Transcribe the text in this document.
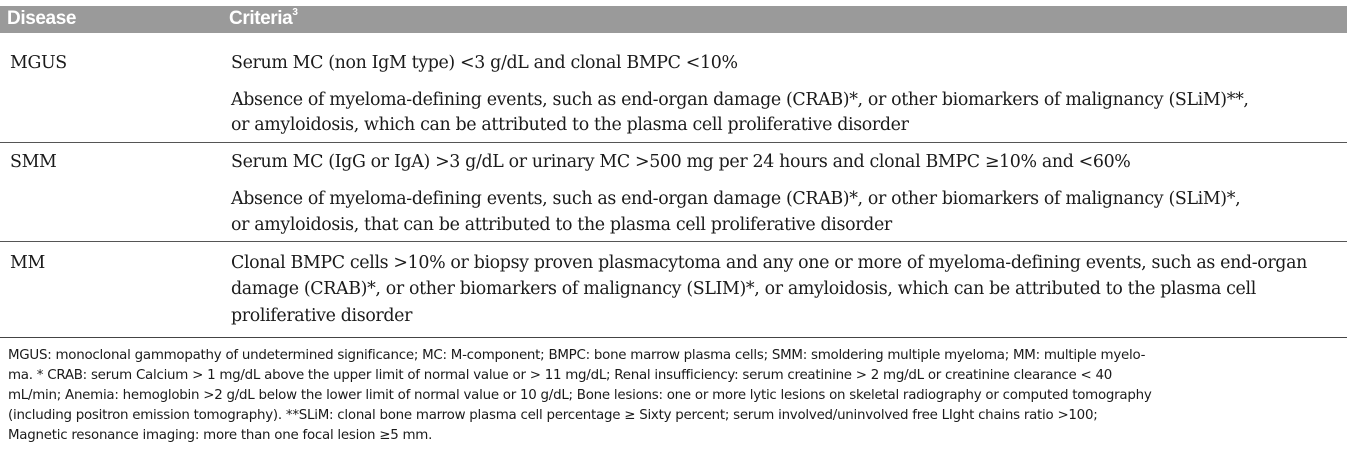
Disease	Criteria$^3$
MGUS	Serum MC (non IgM type) <3 g/dL and clonal BMPC <10%
Absence of myeloma-defining events, such as end-organ damage (CRAB)*, or other biomarkers of malignancy (SLiM)**,
or amyloidosis, which can be attributed to the plasma cell proliferative disorder
SMM	Serum MC (IgG or IgA) >3 g/dL or urinary MC >500 mg per 24 hours and clonal BMPC ≥10% and <60%
Absence of myeloma-defining events, such as end-organ damage (CRAB)*, or other biomarkers of malignancy (SLiM)*,
or amyloidosis, that can be attributed to the plasma cell proliferative disorder
MM	Clonal BMPC cells >10% or biopsy proven plasmacytoma and any one or more of myeloma-defining events, such as end-organ
damage (CRAB)*, or other biomarkers of malignancy (SLIM)*, or amyloidosis, which can be attributed to the plasma cell
proliferative disorder
MGUS: monoclonal gammopathy of undetermined significance; MC: M-component; BMPC: bone marrow plasma cells; SMM: smoldering multiple myeloma; MM: multiple myelo-
ma. * CRAB: serum Calcium > 1 mg/dL above the upper limit of normal value or > 11 mg/dL; Renal insufficiency: serum creatinine > 2 mg/dL or creatinine clearance < 40
mL/min; Anemia: hemoglobin >2 g/dL below the lower limit of normal value or 10 g/dL; Bone lesions: one or more lytic lesions on skeletal radiography or computed tomography
(including positron emission tomography). **SLiM: clonal bone marrow plasma cell percentage ≥ Sixty percent; serum involved/uninvolved free LIght chains ratio >100;
Magnetic resonance imaging: more than one focal lesion ≥5 mm.
